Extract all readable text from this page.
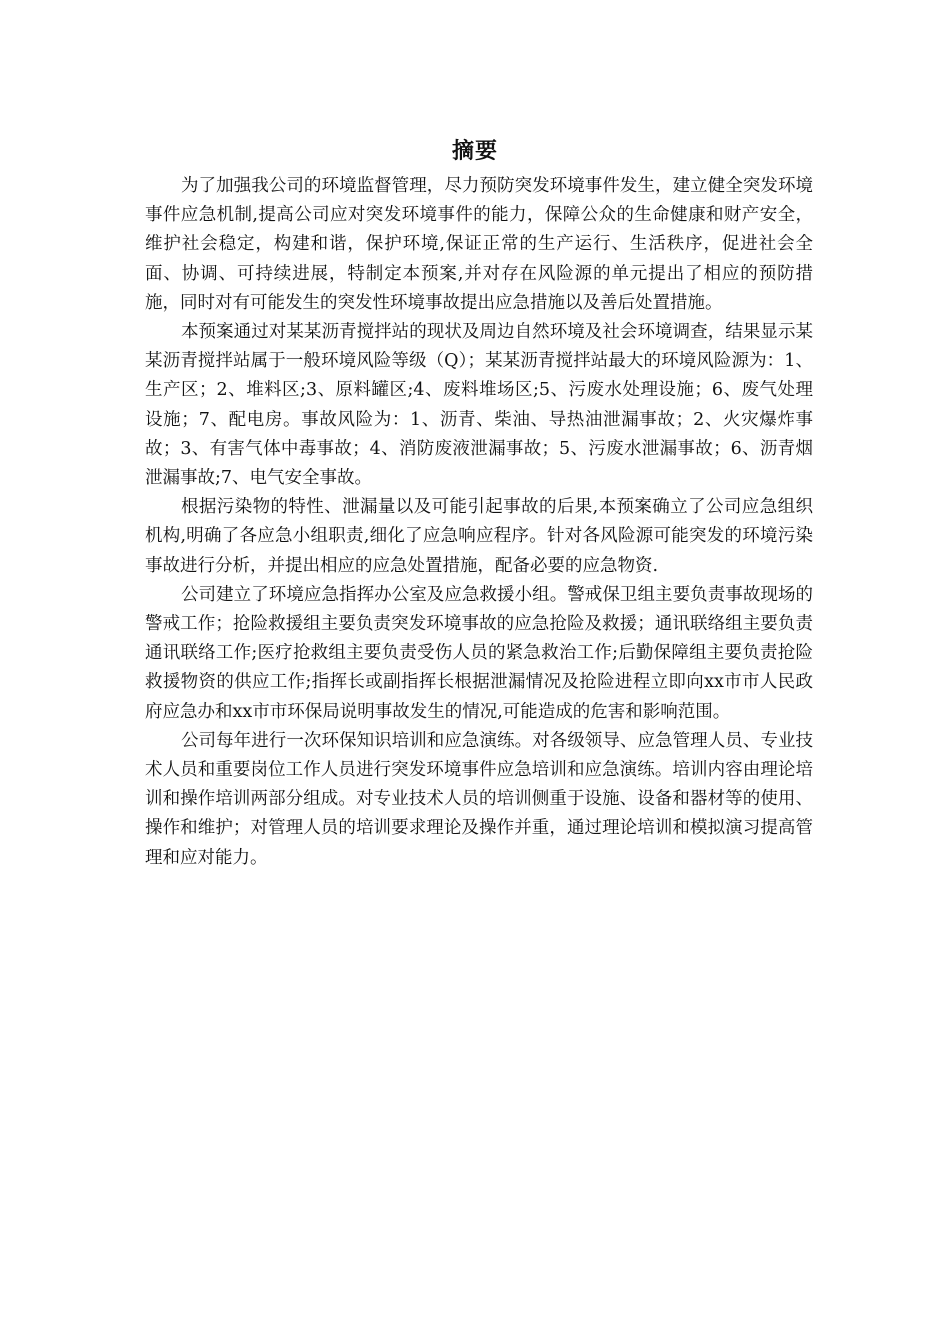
摘要

为了加强我公司的环境监督管理，尽力预防突发环境事件发生，建立健全突发环境事件应急机制,提高公司应对突发环境事件的能力，保障公众的生命健康和财产安全，维护社会稳定，构建和谐，保护环境,保证正常的生产运行、生活秩序，促进社会全面、协调、可持续进展，特制定本预案,并对存在风险源的单元提出了相应的预防措施，同时对有可能发生的突发性环境事故提出应急措施以及善后处置措施。

本预案通过对某某沥青搅拌站的现状及周边自然环境及社会环境调查，结果显示某某沥青搅拌站属于一般环境风险等级（Q）；某某沥青搅拌站最大的环境风险源为：1、生产区；2、堆料区;3、原料罐区;4、废料堆场区;5、污废水处理设施；6、废气处理设施；7、配电房。事故风险为：1、沥青、柴油、导热油泄漏事故；2、火灾爆炸事故；3、有害气体中毒事故；4、消防废液泄漏事故；5、污废水泄漏事故；6、沥青烟泄漏事故;7、电气安全事故。

根据污染物的特性、泄漏量以及可能引起事故的后果,本预案确立了公司应急组织机构,明确了各应急小组职责,细化了应急响应程序。针对各风险源可能突发的环境污染事故进行分析，并提出相应的应急处置措施，配备必要的应急物资.

公司建立了环境应急指挥办公室及应急救援小组。警戒保卫组主要负责事故现场的警戒工作；抢险救援组主要负责突发环境事故的应急抢险及救援；通讯联络组主要负责通讯联络工作;医疗抢救组主要负责受伤人员的紧急救治工作;后勤保障组主要负责抢险救援物资的供应工作;指挥长或副指挥长根据泄漏情况及抢险进程立即向xx市市人民政府应急办和xx市市环保局说明事故发生的情况,可能造成的危害和影响范围。

公司每年进行一次环保知识培训和应急演练。对各级领导、应急管理人员、专业技术人员和重要岗位工作人员进行突发环境事件应急培训和应急演练。培训内容由理论培训和操作培训两部分组成。对专业技术人员的培训侧重于设施、设备和器材等的使用、操作和维护；对管理人员的培训要求理论及操作并重，通过理论培训和模拟演习提高管理和应对能力。
